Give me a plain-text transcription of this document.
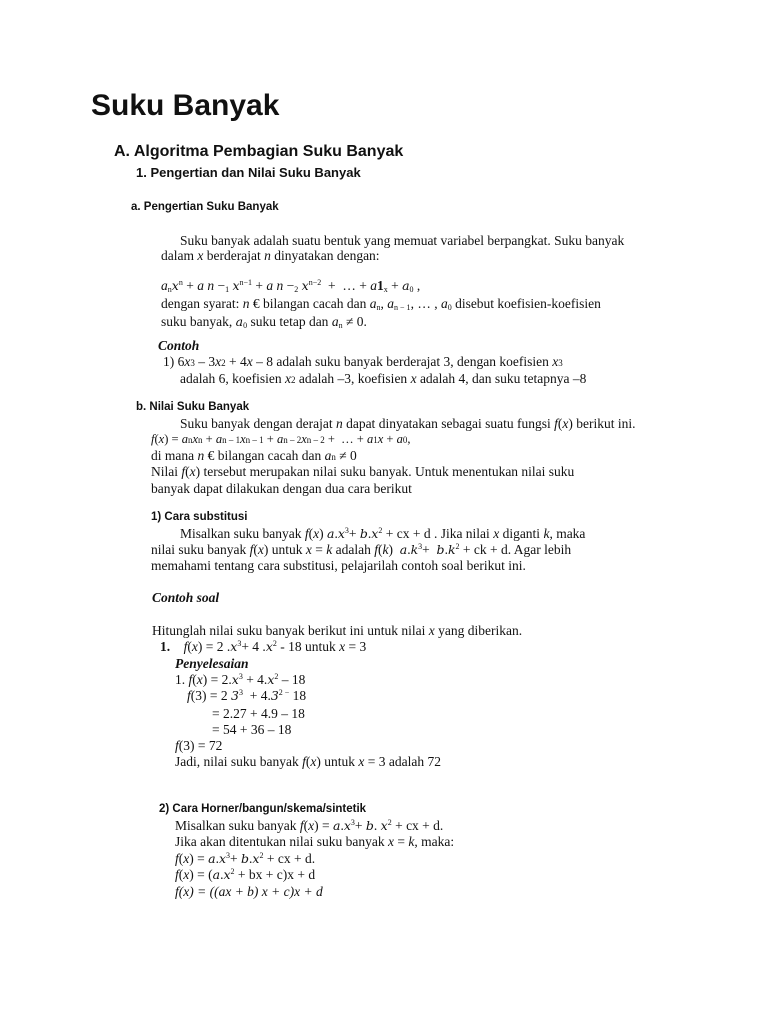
Suku Banyak
A. Algoritma Pembagian Suku Banyak
1. Pengertian dan Nilai Suku Banyak
a. Pengertian Suku Banyak
Suku banyak adalah suatu bentuk yang memuat variabel berpangkat. Suku banyak
dalam x berderajat n dinyatakan dengan:
$a_nx^n + a$ $n -_1$ $x^{n-1} + a$ $n -_2$ $x^{n-2}$  +  … + $a1_x + a_0$ ,
dengan syarat: n € bilangan cacah dan $a_n$, $a_{n - 1}$, … , $a_0$ disebut koefisien-koefisien
suku banyak, $a_0$ suku tetap dan $a_n \ne 0$.
Contoh
1) 6x3 – 3x2 + 4x – 8 adalah suku banyak berderajat 3, dengan koefisien x3
adalah 6, koefisien x2 adalah –3, koefisien x adalah 4, dan suku tetapnya –8
b. Nilai Suku Banyak
Suku banyak dengan derajat n dapat dinyatakan sebagai suatu fungsi f(x) berikut ini.
f(x) = anxn + an – 1xn – 1 + an – 2xn – 2 +  … + a1x + a0,
di mana n € bilangan cacah dan an ≠ 0
Nilai f(x) tersebut merupakan nilai suku banyak. Untuk menentukan nilai suku
banyak dapat dilakukan dengan dua cara berikut
1) Cara substitusi
Misalkan suku banyak f(x) $a.x^3+ b.x^2$ + cx + d . Jika nilai x diganti k, maka
nilai suku banyak f(x) untuk x = k adalah f(k)  $a.k^3+ b.k^2$ + ck + d. Agar lebih
memahami tentang cara substitusi, pelajarilah contoh soal berikut ini.
Contoh soal
Hitunglah nilai suku banyak berikut ini untuk nilai x yang diberikan.
1. f(x) = 2 $.x^3+ 4$ $.x^2 - 18$ untuk x = 3
Penyelesaian
1. $f(x) = 2.x^3 + 4.x^2 - 18$
f(3) = 2 $3^3 + 4.3^{2 -}$ 18
= 2.27 + 4.9 – 18
= 54 + 36 – 18
f(3) = 72
Jadi, nilai suku banyak f(x) untuk x = 3 adalah 72
2) Cara Horner/bangun/skema/sintetik
Misalkan suku banyak $f(x) = a.x^3+ b$. $x^2$ + cx + d.
Jika akan ditentukan nilai suku banyak x = k, maka:
$f(x) = a.x^3+ b.x^2$ + cx + d.
$f(x) = (a.x^2$ + bx + c)x + d
f(x) = ((ax + b) x + c)x + d
